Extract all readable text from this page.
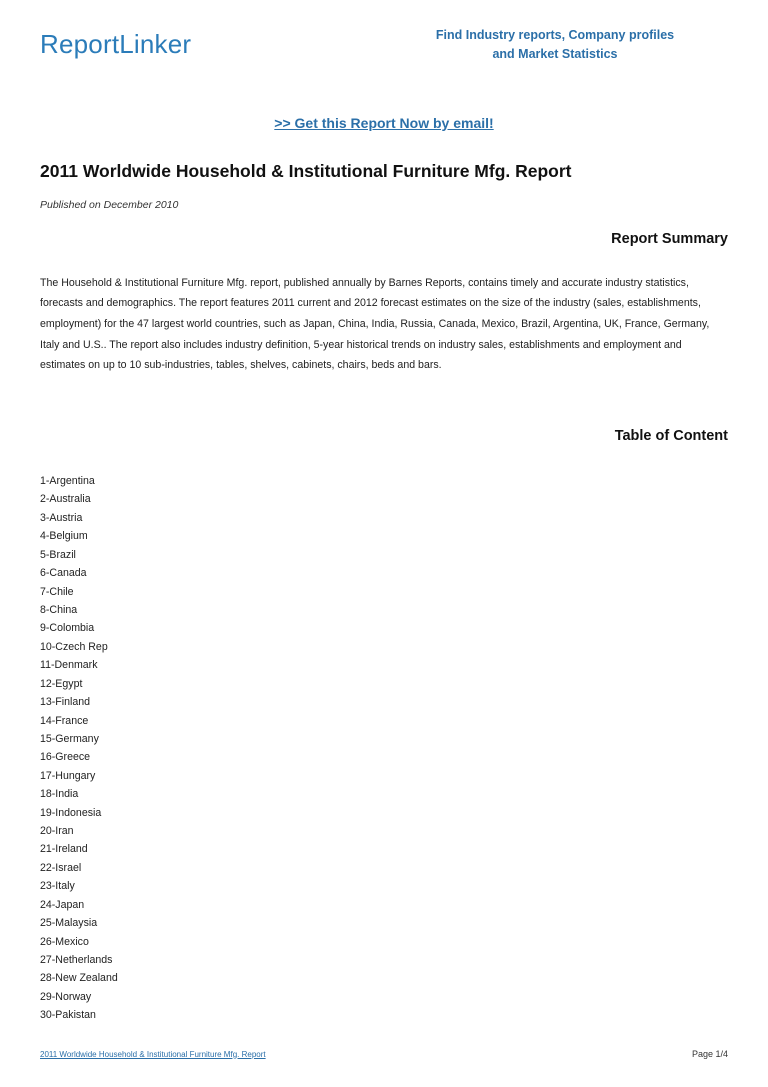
ReportLinker	Find Industry reports, Company profiles
and Market Statistics
>> Get this Report Now by email!
2011 Worldwide Household & Institutional Furniture Mfg. Report
Published on December 2010
Report Summary
The Household & Institutional Furniture Mfg. report, published annually by Barnes Reports, contains timely and accurate industry statistics, forecasts and demographics. The report features 2011 current and 2012 forecast estimates on the size of the industry (sales, establishments, employment) for the 47 largest world countries, such as Japan, China, India, Russia, Canada, Mexico, Brazil, Argentina, UK, France, Germany, Italy and U.S.. The report also includes industry definition, 5-year historical trends on industry sales, establishments and employment and estimates on up to 10 sub-industries, tables, shelves, cabinets, chairs, beds and bars.
Table of Content
1-Argentina
2-Australia
3-Austria
4-Belgium
5-Brazil
6-Canada
7-Chile
8-China
9-Colombia
10-Czech Rep
11-Denmark
12-Egypt
13-Finland
14-France
15-Germany
16-Greece
17-Hungary
18-India
19-Indonesia
20-Iran
21-Ireland
22-Israel
23-Italy
24-Japan
25-Malaysia
26-Mexico
27-Netherlands
28-New Zealand
29-Norway
30-Pakistan
2011 Worldwide Household & Institutional Furniture Mfg. Report	Page 1/4
